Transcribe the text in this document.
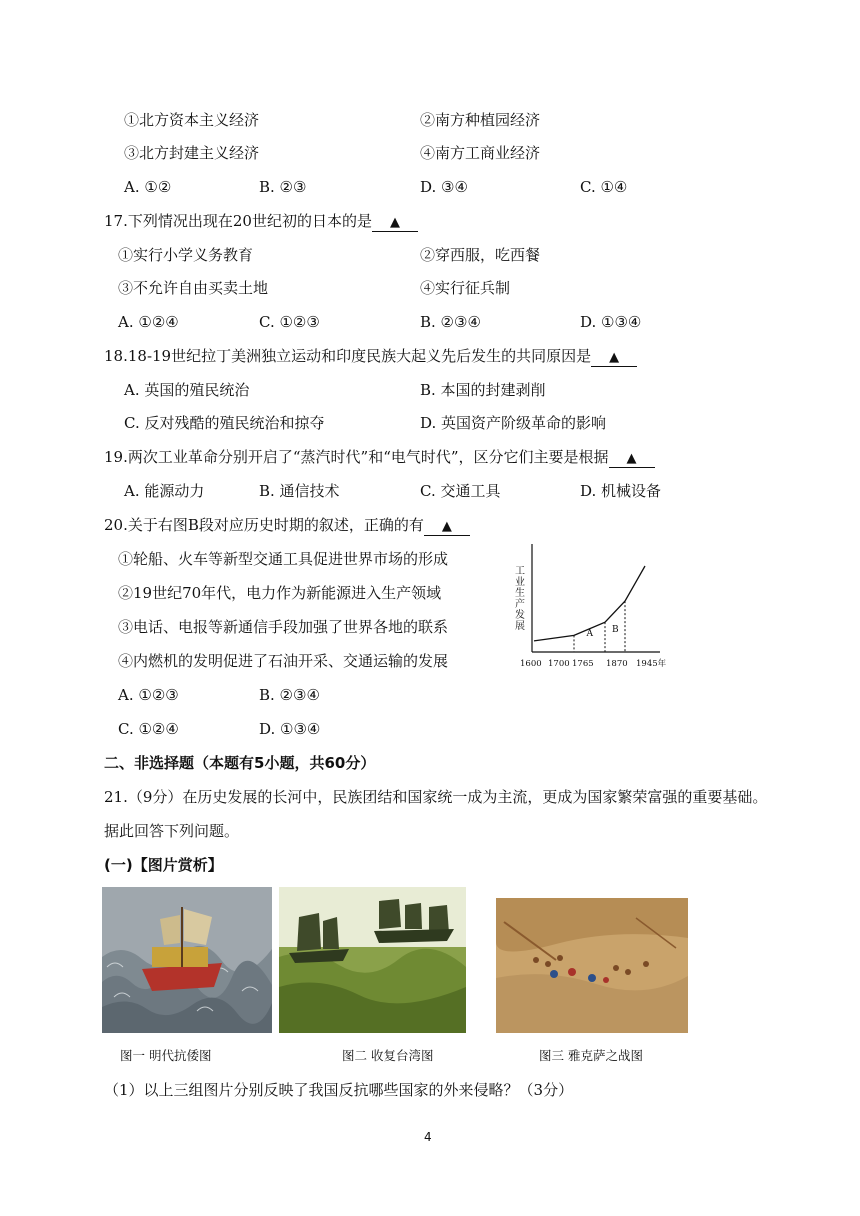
①北方资本主义经济	②南方种植园经济
③北方封建主义经济	④南方工商业经济
A. ①②	B. ②③	D. ③④	C. ①④
17.下列情况出现在20世纪初的日本的是 ▲
①实行小学义务教育	②穿西服，吃西餐
③不允许自由买卖土地	④实行征兵制
A. ①②④	C. ①②③	B. ②③④	D. ①③④
18.18-19世纪拉丁美洲独立运动和印度民族大起义先后发生的共同原因是 ▲
A. 英国的殖民统治	B. 本国的封建剥削
C. 反对残酷的殖民统治和掠夺	D. 英国资产阶级革命的影响
19.两次工业革命分别开启了“蒸汽时代”和“电气时代”，区分它们主要是根据 ▲
A. 能源动力	B. 通信技术	C. 交通工具	D. 机械设备
20.关于右图B段对应历史时期的叙述，正确的有 ▲
①轮船、火车等新型交通工具促进世界市场的形成
②19世纪70年代，电力作为新能源进入生产领域
③电话、电报等新通信手段加强了世界各地的联系
④内燃机的发明促进了石油开采、交通运输的发展
A. ①②③	B. ②③④
C. ①②④	D. ①③④
工业生产发展
1600 1700 1765 1870 1945年
A B
二、非选择题（本题有5小题，共60分）
21.（9分）在历史发展的长河中，民族团结和国家统一成为主流，更成为国家繁荣富强的重要基础。
据此回答下列问题。
(一)【图片赏析】
图一 明代抗倭图	图二 收复台湾图	图三 雅克萨之战图
（1）以上三组图片分别反映了我国反抗哪些国家的外来侵略？（3分）
4
